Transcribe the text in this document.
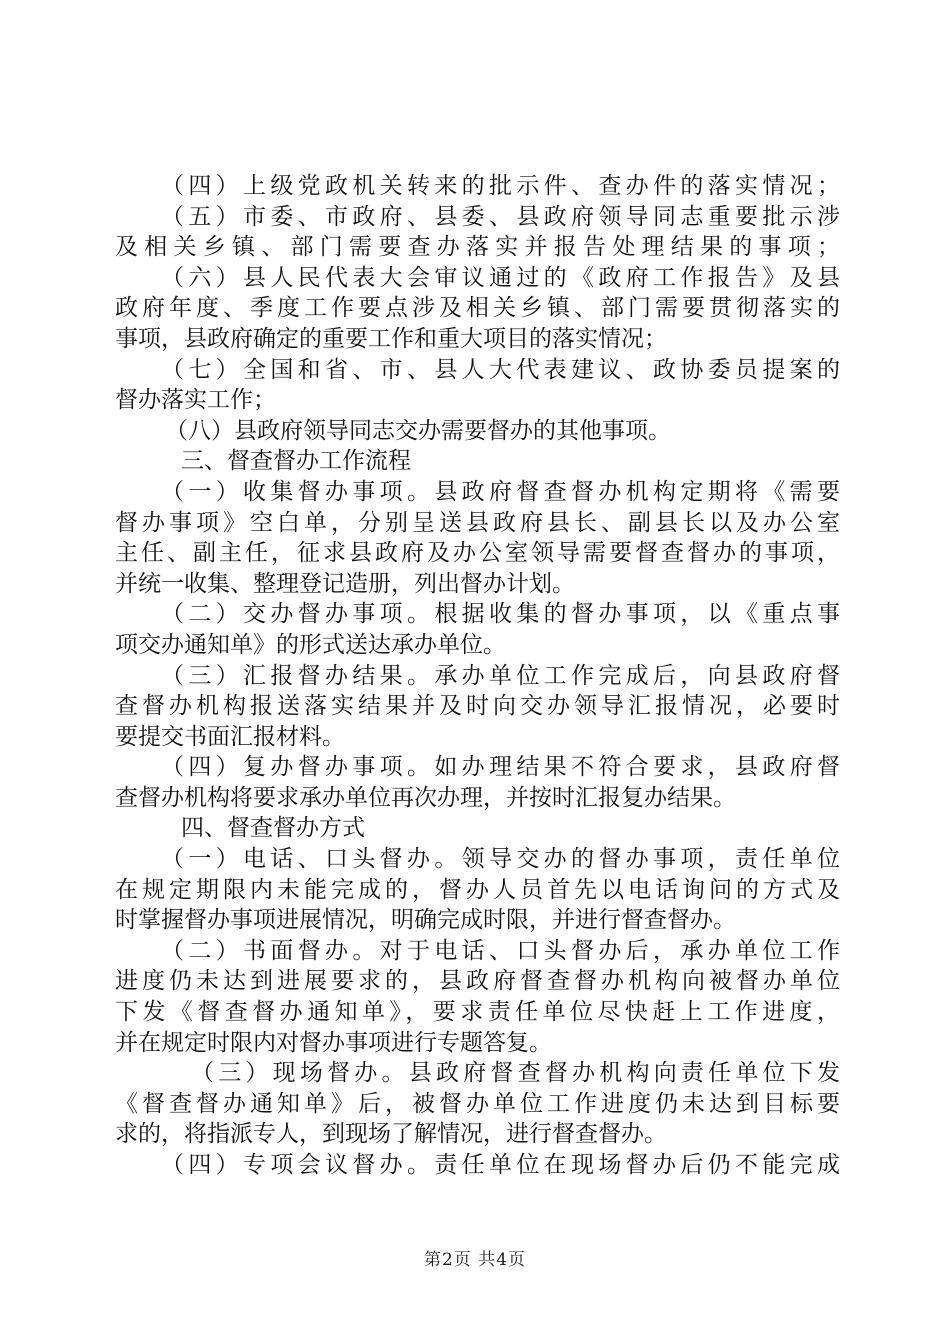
（四）上级党政机关转来的批示件、查办件的落实情况；
（五）市委、市政府、县委、县政府领导同志重要批示涉
及相关乡镇、部门需要查办落实并报告处理结果的事项；
（六）县人民代表大会审议通过的《政府工作报告》及县
政府年度、季度工作要点涉及相关乡镇、部门需要贯彻落实的
事项，县政府确定的重要工作和重大项目的落实情况；
（七）全国和省、市、县人大代表建议、政协委员提案的
督办落实工作；
（八）县政府领导同志交办需要督办的其他事项。
三、督查督办工作流程
（一）收集督办事项。县政府督查督办机构定期将《需要
督办事项》空白单，分别呈送县政府县长、副县长以及办公室
主任、副主任，征求县政府及办公室领导需要督查督办的事项，
并统一收集、整理登记造册，列出督办计划。
（二）交办督办事项。根据收集的督办事项，以《重点事
项交办通知单》的形式送达承办单位。
（三）汇报督办结果。承办单位工作完成后，向县政府督
查督办机构报送落实结果并及时向交办领导汇报情况，必要时
要提交书面汇报材料。
（四）复办督办事项。如办理结果不符合要求，县政府督
查督办机构将要求承办单位再次办理，并按时汇报复办结果。
四、督查督办方式
（一）电话、口头督办。领导交办的督办事项，责任单位
在规定期限内未能完成的，督办人员首先以电话询问的方式及
时掌握督办事项进展情况，明确完成时限，并进行督查督办。
（二）书面督办。对于电话、口头督办后，承办单位工作
进度仍未达到进展要求的，县政府督查督办机构向被督办单位
下发《督查督办通知单》，要求责任单位尽快赶上工作进度，
并在规定时限内对督办事项进行专题答复。
（三）现场督办。县政府督查督办机构向责任单位下发
《督查督办通知单》后，被督办单位工作进度仍未达到目标要
求的，将指派专人，到现场了解情况，进行督查督办。
（四）专项会议督办。责任单位在现场督办后仍不能完成
第2页 共4页
